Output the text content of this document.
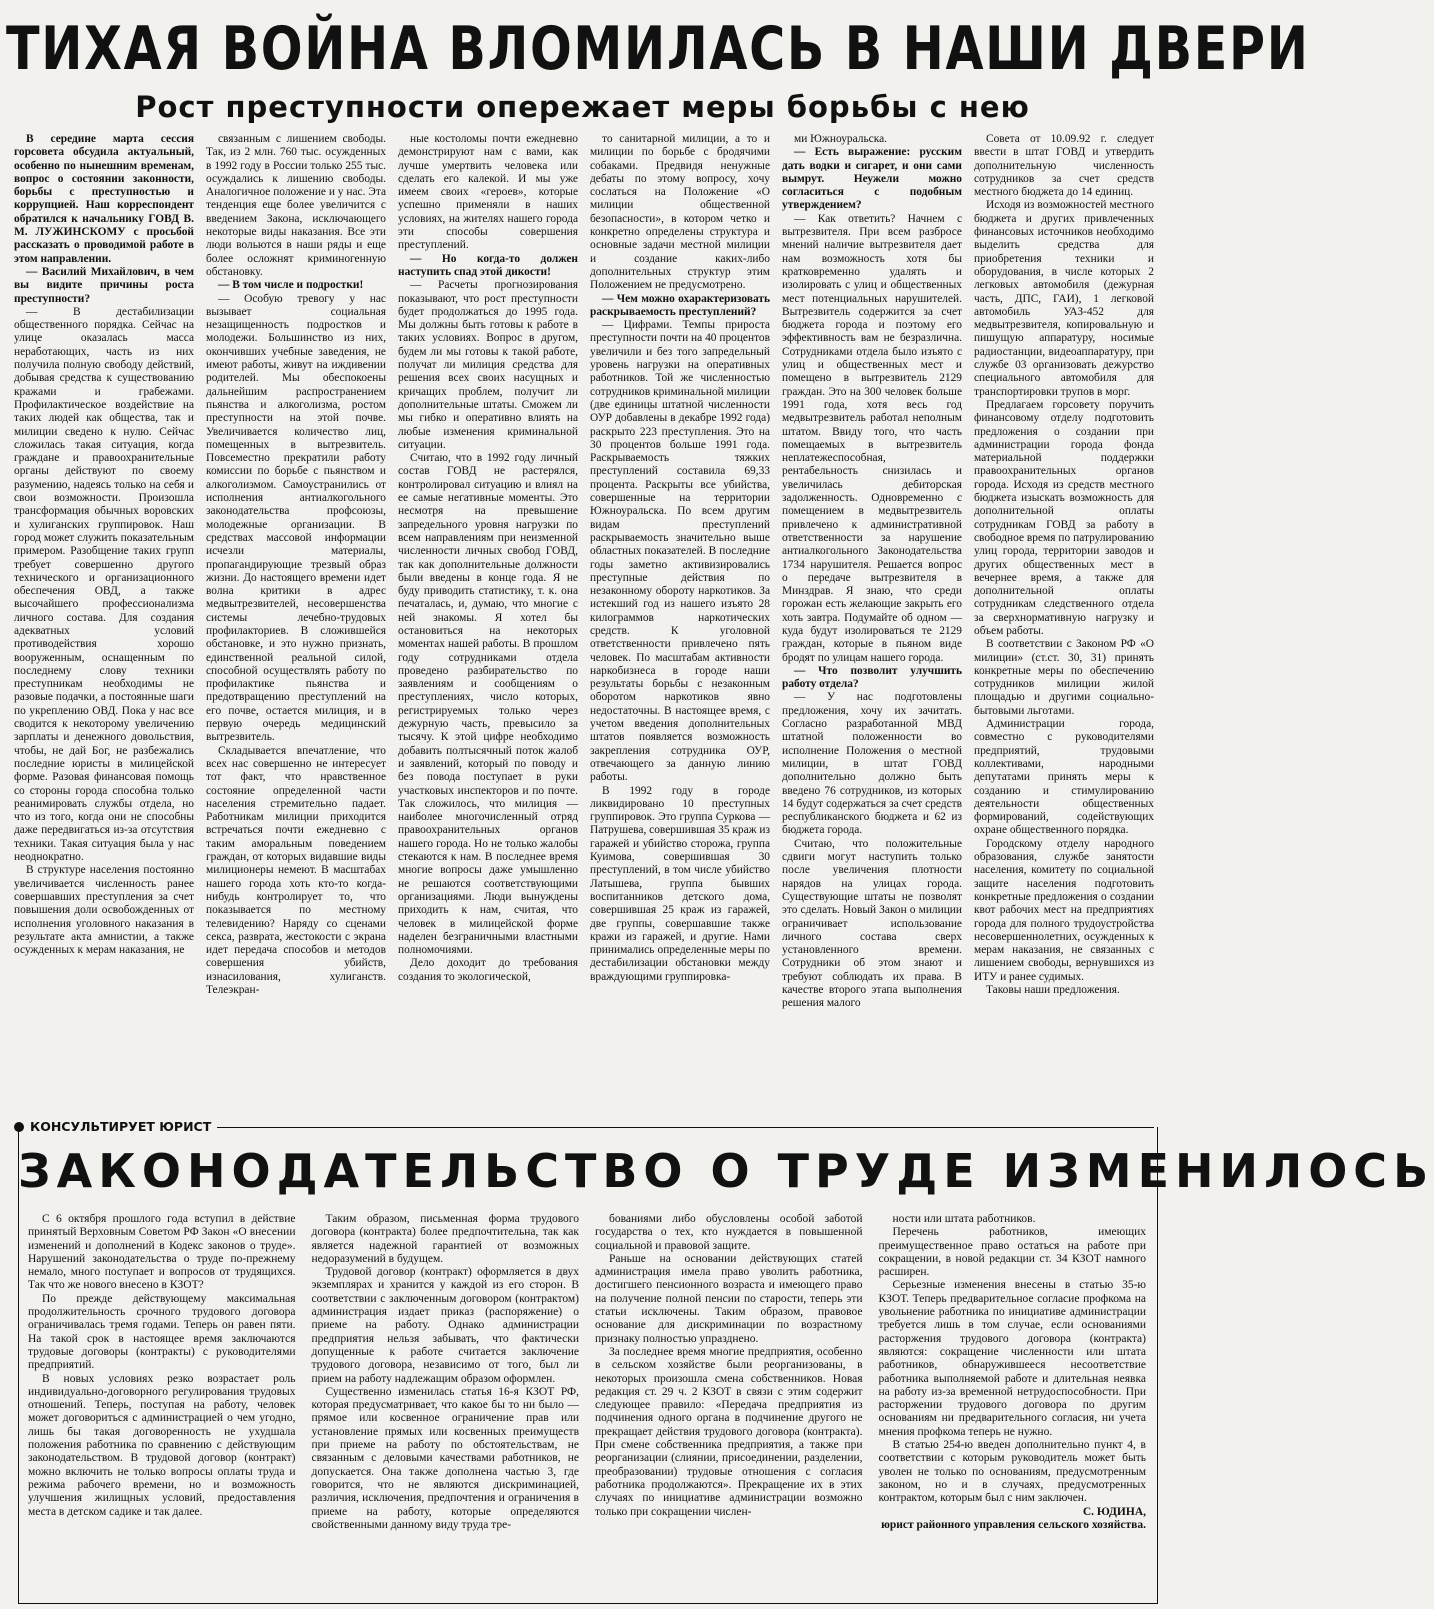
ТИХАЯ ВОЙНА ВЛОМИЛАСЬ В НАШИ ДВЕРИ
Рост преступности опережает меры борьбы с нею

В середине марта сессия горсовета обсудила актуальный, особенно по нынешним временам, вопрос о состоянии законности, борьбы с преступностью и коррупцией. Наш корреспондент обратился к начальнику ГОВД В. М. ЛУЖИНСКОМУ с просьбой рассказать о проводимой работе в этом направлении.

— Василий Михайлович, в чем вы видите причины роста преступности?

— В дестабилизации общественного порядка. Сейчас на улице оказалась масса неработающих, часть из них получила полную свободу действий, добывая средства к существованию кражами и грабежами. Профилактическое воздействие на таких людей как общества, так и милиции сведено к нулю. Сейчас сложилась такая ситуация, когда граждане и правоохранительные органы действуют по своему разумению, надеясь только на себя и свои возможности. Произошла трансформация обычных воровских и хулиганских группировок. Наш город может служить показательным примером. Разобщение таких групп требует совершенно другого технического и организационного обеспечения ОВД, а также высочайшего профессионализма личного состава. Для создания адекватных условий противодействия хорошо вооруженным, оснащенным по последнему слову техники преступникам необходимы не разовые подачки, а постоянные шаги по укреплению ОВД. Пока у нас все сводится к некоторому увеличению зарплаты и денежного довольствия, чтобы, не дай Бог, не разбежались последние юристы в милицейской форме. Разовая финансовая помощь со стороны города способна только реанимировать службы отдела, но что из того, когда они не способны даже передвигаться из-за отсутствия техники. Такая ситуация была у нас неоднократно.

В структуре населения постоянно увеличивается численность ранее совершавших преступления за счет повышения доли освобожденных от исполнения уголовного наказания в результате акта амнистии, а также осужденных к мерам наказания, не

связанным с лишением свободы. Так, из 2 млн. 760 тыс. осужденных в 1992 году в России только 255 тыс. осуждались к лишению свободы. Аналогичное положение и у нас. Эта тенденция еще более увеличится с введением Закона, исключающего некоторые виды наказания. Все эти люди вольются в наши ряды и еще более осложнят криминогенную обстановку.

— В том числе и подростки!

— Особую тревогу у нас вызывает социальная незащищенность подростков и молодежи. Большинство из них, окончивших учебные заведения, не имеют работы, живут на иждивении родителей. Мы обеспокоены дальнейшим распространением пьянства и алкоголизма, ростом преступности на этой почве. Увеличивается количество лиц, помещенных в вытрезвитель. Повсеместно прекратили работу комиссии по борьбе с пьянством и алкоголизмом. Самоустранились от исполнения антиалкогольного законодательства профсоюзы, молодежные организации. В средствах массовой информации исчезли материалы, пропагандирующие трезвый образ жизни. До настоящего времени идет волна критики в адрес медвытрезвителей, несовершенства системы лечебно-трудовых профилакториев. В сложившейся обстановке, и это нужно признать, единственной реальной силой, способной осуществлять работу по профилактике пьянства и предотвращению преступлений на его почве, остается милиция, и в первую очередь медицинский вытрезвитель.

Складывается впечатление, что всех нас совершенно не интересует тот факт, что нравственное состояние определенной части населения стремительно падает. Работникам милиции приходится встречаться почти ежедневно с таким аморальным поведением граждан, от которых видавшие виды милиционеры немеют. В масштабах нашего города хоть кто-то когда-нибудь контролирует то, что показывается по местному телевидению? Наряду со сценами секса, разврата, жестокости с экрана идет передача способов и методов совершения убийств, изнасилования, хулиганств. Телеэкран-

ные костоломы почти ежедневно демонстрируют нам с вами, как лучше умертвить человека или сделать его калекой. И мы уже имеем своих «героев», которые успешно применяли в наших условиях, на жителях нашего города эти способы совершения преступлений.

— Но когда-то должен наступить спад этой дикости!

— Расчеты прогнозирования показывают, что рост преступности будет продолжаться до 1995 года. Мы должны быть готовы к работе в таких условиях. Вопрос в другом, будем ли мы готовы к такой работе, получат ли милиция средства для решения всех своих насущных и кричащих проблем, получит ли дополнительные штаты. Сможем ли мы гибко и оперативно влиять на любые изменения криминальной ситуации.

Считаю, что в 1992 году личный состав ГОВД не растерялся, контролировал ситуацию и влиял на ее самые негативные моменты. Это несмотря на превышение запредельного уровня нагрузки по всем направлениям при неизменной численности личных свобод ГОВД, так как дополнительные должности были введены в конце года. Я не буду приводить статистику, т. к. она печаталась, и, думаю, что многие с ней знакомы. Я хотел бы остановиться на некоторых моментах нашей работы. В прошлом году сотрудниками отдела проведено разбирательство по заявлениям и сообщениям о преступлениях, число которых, регистрируемых только через дежурную часть, превысило за тысячу. К этой цифре необходимо добавить полтысячный поток жалоб и заявлений, который по поводу и без повода поступает в руки участковых инспекторов и по почте. Так сложилось, что милиция — наиболее многочисленный отряд правоохранительных органов нашего города. Но не только жалобы стекаются к нам. В последнее время многие вопросы даже умышленно не решаются соответствующими организациями. Люди вынуждены приходить к нам, считая, что человек в милицейской форме наделен безграничными властными полномочиями.

Дело доходит до требования создания то экологической,

то санитарной милиции, а то и милиции по борьбе с бродячими собаками. Предвидя ненужные дебаты по этому вопросу, хочу сослаться на Положение «О милиции общественной безопасности», в котором четко и конкретно определены структура и основные задачи местной милиции и создание каких-либо дополнительных структур этим Положением не предусмотрено.

— Чем можно охарактеризовать раскрываемость преступлений?

— Цифрами. Темпы прироста преступности почти на 40 процентов увеличили и без того запредельный уровень нагрузки на оперативных работников. Той же численностью сотрудников криминальной милиции (две единицы штатной численности ОУР добавлены в декабре 1992 года) раскрыто 223 преступления. Это на 30 процентов больше 1991 года. Раскрываемость тяжких преступлений составила 69,33 процента. Раскрыты все убийства, совершенные на территории Южноуральска. По всем другим видам преступлений раскрываемость значительно выше областных показателей. В последние годы заметно активизировались преступные действия по незаконному обороту наркотиков. За истекший год из нашего изъято 28 килограммов наркотических средств. К уголовной ответственности привлечено пять человек. По масштабам активности наркобизнеса в городе наши результаты борьбы с незаконным оборотом наркотиков явно недостаточны. В настоящее время, с учетом введения дополнительных штатов появляется возможность закрепления сотрудника ОУР, отвечающего за данную линию работы.

В 1992 году в городе ликвидировано 10 преступных группировок. Это группа Суркова — Патрушева, совершившая 35 краж из гаражей и убийство сторожа, группа Куимова, совершившая 30 преступлений, в том числе убийство Латышева, группа бывших воспитанников детского дома, совершившая 25 краж из гаражей, две группы, совершавшие также кражи из гаражей, и другие. Нами принимались определенные меры по дестабилизации обстановки между враждующими группировка-

ми Южноуральска.

— Есть выражение: русским дать водки и сигарет, и они сами вымрут. Неужели можно согласиться с подобным утверждением?

— Как ответить? Начнем с вытрезвителя. При всем разбросе мнений наличие вытрезвителя дает нам возможность хотя бы кратковременно удалять и изолировать с улиц и общественных мест потенциальных нарушителей. Вытрезвитель содержится за счет бюджета города и поэтому его эффективность вам не безразлична. Сотрудниками отдела было изъято с улиц и общественных мест и помещено в вытрезвитель 2129 граждан. Это на 300 человек больше 1991 года, хотя весь год медвытрезвитель работал неполным штатом. Ввиду того, что часть помещаемых в вытрезвитель неплатежеспособная, рентабельность снизилась и увеличилась дебиторская задолженность. Одновременно с помещением в медвытрезвитель привлечено к административной ответственности за нарушение антиалкогольного Законодательства 1734 нарушителя. Решается вопрос о передаче вытрезвителя в Минздрав. Я знаю, что среди горожан есть желающие закрыть его хоть завтра. Подумайте об одном — куда будут изолироваться те 2129 граждан, которые в пьяном виде бродят по улицам нашего города.

— Что позволит улучшить работу отдела?

— У нас подготовлены предложения, хочу их зачитать. Согласно разработанной МВД штатной положенности во исполнение Положения о местной милиции, в штат ГОВД дополнительно должно быть введено 76 сотрудников, из которых 14 будут содержаться за счет средств республиканского бюджета и 62 из бюджета города.

Считаю, что положительные сдвиги могут наступить только после увеличения плотности нарядов на улицах города. Существующие штаты не позволят это сделать. Новый Закон о милиции ограничивает использование личного состава сверх установленного времени. Сотрудники об этом знают и требуют соблюдать их права. В качестве второго этапа выполнения решения малого

Совета от 10.09.92 г. следует ввести в штат ГОВД и утвердить дополнительную численность сотрудников за счет средств местного бюджета до 14 единиц.

Исходя из возможностей местного бюджета и других привлеченных финансовых источников необходимо выделить средства для приобретения техники и оборудования, в числе которых 2 легковых автомобиля (дежурная часть, ДПС, ГАИ), 1 легковой автомобиль УАЗ-452 для медвытрезвителя, копировальную и пишущую аппаратуру, носимые радиостанции, видеоаппаратуру, при службе 03 организовать дежурство специального автомобиля для транспортировки трупов в морг.

Предлагаем горсовету поручить финансовому отделу подготовить предложения о создании при администрации города фонда материальной поддержки правоохранительных органов города. Исходя из средств местного бюджета изыскать возможность для дополнительной оплаты сотрудникам ГОВД за работу в свободное время по патрулированию улиц города, территории заводов и других общественных мест в вечернее время, а также для дополнительной оплаты сотрудникам следственного отдела за сверхнормативную нагрузку и объем работы.

В соответствии с Законом РФ «О милиции» (ст.ст. 30, 31) принять конкретные меры по обеспечению сотрудников милиции жилой площадью и другими социально-бытовыми льготами.

Администрации города, совместно с руководителями предприятий, трудовыми коллективами, народными депутатами принять меры к созданию и стимулированию деятельности общественных формирований, содействующих охране общественного порядка.

Городскому отделу народного образования, службе занятости населения, комитету по социальной защите населения подготовить конкретные предложения о создании квот рабочих мест на предприятиях города для полного трудоустройства несовершеннолетних, осужденных к мерам наказания, не связанных с лишением свободы, вернувшихся из ИТУ и ранее судимых.

Таковы наши предложения.

КОНСУЛЬТИРУЕТ ЮРИСТ
ЗАКОНОДАТЕЛЬСТВО О ТРУДЕ ИЗМЕНИЛОСЬ

С 6 октября прошлого года вступил в действие принятый Верховным Советом РФ Закон «О внесении изменений и дополнений в Кодекс законов о труде». Нарушений законодательства о труде по-прежнему немало, много поступает и вопросов от трудящихся. Так что же нового внесено в КЗОТ?

По прежде действующему максимальная продолжительность срочного трудового договора ограничивалась тремя годами. Теперь он равен пяти. На такой срок в настоящее время заключаются трудовые договоры (контракты) с руководителями предприятий.

В новых условиях резко возрастает роль индивидуально-договорного регулирования трудовых отношений. Теперь, поступая на работу, человек может договориться с администрацией о чем угодно, лишь бы такая договоренность не ухудшала положения работника по сравнению с действующим законодательством. В трудовой договор (контракт) можно включить не только вопросы оплаты труда и режима рабочего времени, но и возможность улучшения жилищных условий, предоставления места в детском садике и так далее.

Таким образом, письменная форма трудового договора (контракта) более предпочтительна, так как является надежной гарантией от возможных недоразумений в будущем.

Трудовой договор (контракт) оформляется в двух экземплярах и хранится у каждой из его сторон. В соответствии с заключенным договором (контрактом) администрация издает приказ (распоряжение) о приеме на работу. Однако администрации предприятия нельзя забывать, что фактически допущенные к работе считается заключение трудового договора, независимо от того, был ли прием на работу надлежащим образом оформлен.

Существенно изменилась статья 16-я КЗОТ РФ, которая предусматривает, что какое бы то ни было — прямое или косвенное ограничение прав или установление прямых или косвенных преимуществ при приеме на работу по обстоятельствам, не связанным с деловыми качествами работников, не допускается. Она также дополнена частью 3, где говорится, что не являются дискриминацией, различия, исключения, предпочтения и ограничения в приеме на работу, которые определяются свойственными данному виду труда тре-

бованиями либо обусловлены особой заботой государства о тех, кто нуждается в повышенной социальной и правовой защите.

Раньше на основании действующих статей администрация имела право уволить работника, достигшего пенсионного возраста и имеющего право на получение полной пенсии по старости, теперь эти статьи исключены. Таким образом, правовое основание для дискриминации по возрастному признаку полностью упразднено.

За последнее время многие предприятия, особенно в сельском хозяйстве были реорганизованы, в некоторых произошла смена собственников. Новая редакция ст. 29 ч. 2 КЗОТ в связи с этим содержит следующее правило: «Передача предприятия из подчинения одного органа в подчинение другого не прекращает действия трудового договора (контракта). При смене собственника предприятия, а также при реорганизации (слиянии, присоединении, разделении, преобразовании) трудовые отношения с согласия работника продолжаются». Прекращение их в этих случаях по инициативе администрации возможно только при сокращении числен-

ности или штата работников.

Перечень работников, имеющих преимущественное право остаться на работе при сокращении, в новой редакции ст. 34 КЗОТ намного расширен.

Серьезные изменения внесены в статью 35-ю КЗОТ. Теперь предварительное согласие профкома на увольнение работника по инициативе администрации требуется лишь в том случае, если основаниями расторжения трудового договора (контракта) являются: сокращение численности или штата работников, обнаружившееся несоответствие работника выполняемой работе и длительная неявка на работу из-за временной нетрудоспособности. При расторжении трудового договора по другим основаниям ни предварительного согласия, ни учета мнения профкома теперь не нужно.

В статью 254-ю введен дополнительно пункт 4, в соответствии с которым руководитель может быть уволен не только по основаниям, предусмотренным законом, но и в случаях, предусмотренных контрактом, которым был с ним заключен.

С. ЮДИНА,

юрист районного управления сельского хозяйства.
